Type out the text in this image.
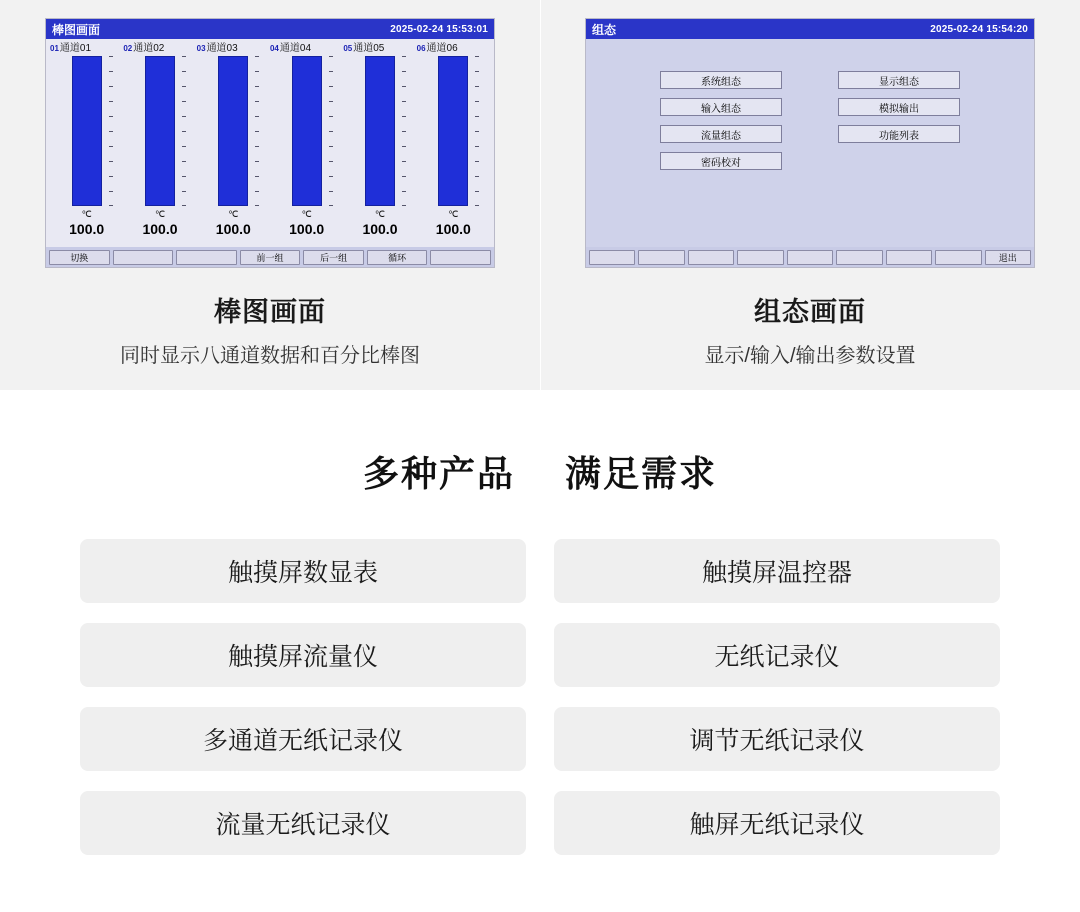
棒图画面	2025-02-24 15:53:01
01 通道01	02 通道02	03 通道03	04 通道04	05 通道05	06 通道06
℃	℃	℃	℃	℃	℃
100.0	100.0	100.0	100.0	100.0	100.0
切换	前一组	后一组	循环
棒图画面
同时显示八通道数据和百分比棒图
组态	2025-02-24 15:54:20
系统组态	显示组态
输入组态	模拟输出
流量组态	功能列表
密码校对
退出
组态画面
显示/输入/输出参数设置
多种产品 满足需求
触摸屏数显表	触摸屏温控器
触摸屏流量仪	无纸记录仪
多通道无纸记录仪	调节无纸记录仪
流量无纸记录仪	触屏无纸记录仪
